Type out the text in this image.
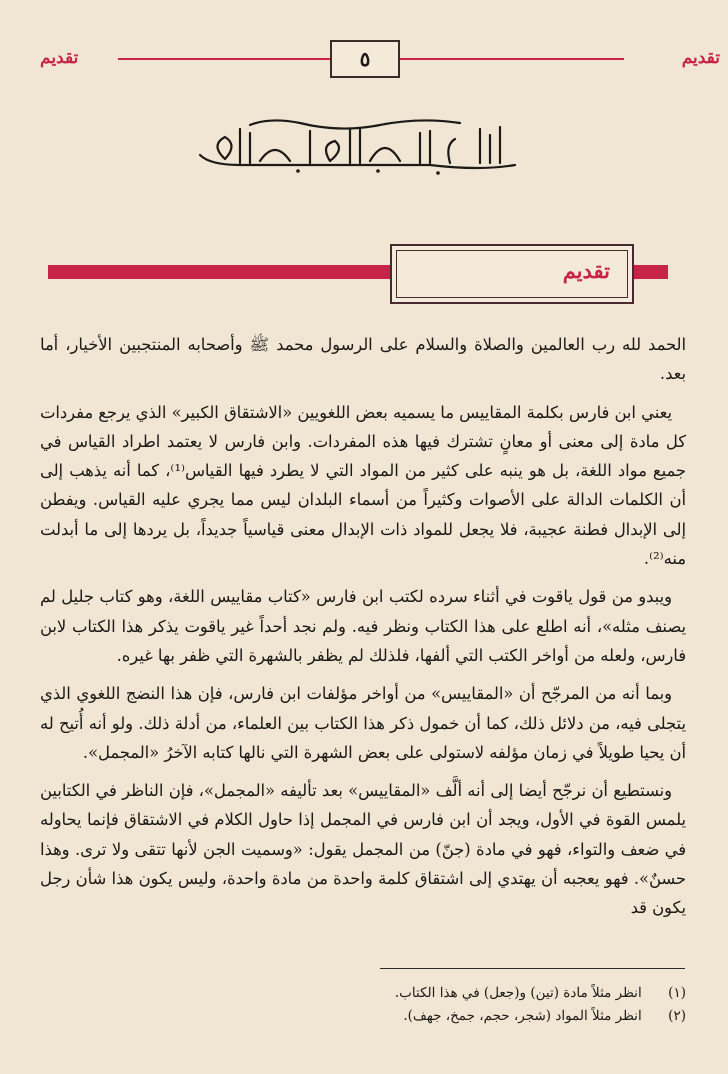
تقديم	٥	تقديم
تقديم

الحمد لله رب العالمين والصلاة والسلام على الرسول محمد ﷺ وأصحابه المنتجبين الأخيار، أما بعد.

يعني ابن فارس بكلمة المقاييس ما يسميه بعض اللغويين «الاشتقاق الكبير» الذي يرجع مفردات كل مادة إلى معنى أو معانٍ تشترك فيها هذه المفردات. وابن فارس لا يعتمد اطراد القياس في جميع مواد اللغة، بل هو ينبه على كثير من المواد التي لا يطرد فيها القياس⁽¹⁾، كما أنه يذهب إلى أن الكلمات الدالة على الأصوات وكثيراً من أسماء البلدان ليس مما يجري عليه القياس. ويفطن إلى الإبدال فطنة عجيبة، فلا يجعل للمواد ذات الإبدال معنى قياسياً جديداً، بل يردها إلى ما أبدلت منه⁽²⁾.

ويبدو من قول ياقوت في أثناء سرده لكتب ابن فارس «كتاب مقاييس اللغة، وهو كتاب جليل لم يصنف مثله»، أنه اطلع على هذا الكتاب ونظر فيه. ولم نجد أحداً غير ياقوت يذكر هذا الكتاب لابن فارس، ولعله من أواخر الكتب التي ألفها، فلذلك لم يظفر بالشهرة التي ظفر بها غيره.

وبما أنه من المرجّح أن «المقاييس» من أواخر مؤلفات ابن فارس، فإن هذا النضج اللغوي الذي يتجلى فيه، من دلائل ذلك، كما أن خمول ذكر هذا الكتاب بين العلماء، من أدلة ذلك. ولو أنه أُتيح له أن يحيا طويلاً في زمان مؤلفه لاستولى على بعض الشهرة التي نالها كتابه الآخرُ «المجمل».

ونستطيع أن نرجّح أيضا إلى أنه ألَّف «المقاييس» بعد تأليفه «المجمل»، فإن الناظر في الكتابين يلمس القوة في الأول، ويجد أن ابن فارس في المجمل إذا حاول الكلام في الاشتقاق فإنما يحاوله في ضعف والتواء، فهو في مادة (جنّ) من المجمل يقول: «وسميت الجن لأنها تتقى ولا ترى. وهذا حسنٌ». فهو يعجبه أن يهتدي إلى اشتقاق كلمة واحدة من مادة واحدة، وليس يكون هذا شأن رجل يكون قد

(١) انظر مثلاً مادة (تين) و(جعل) في هذا الكتاب.
(٢) انظر مثلاً المواد (شجر، حجم، جمخ، جهف).
